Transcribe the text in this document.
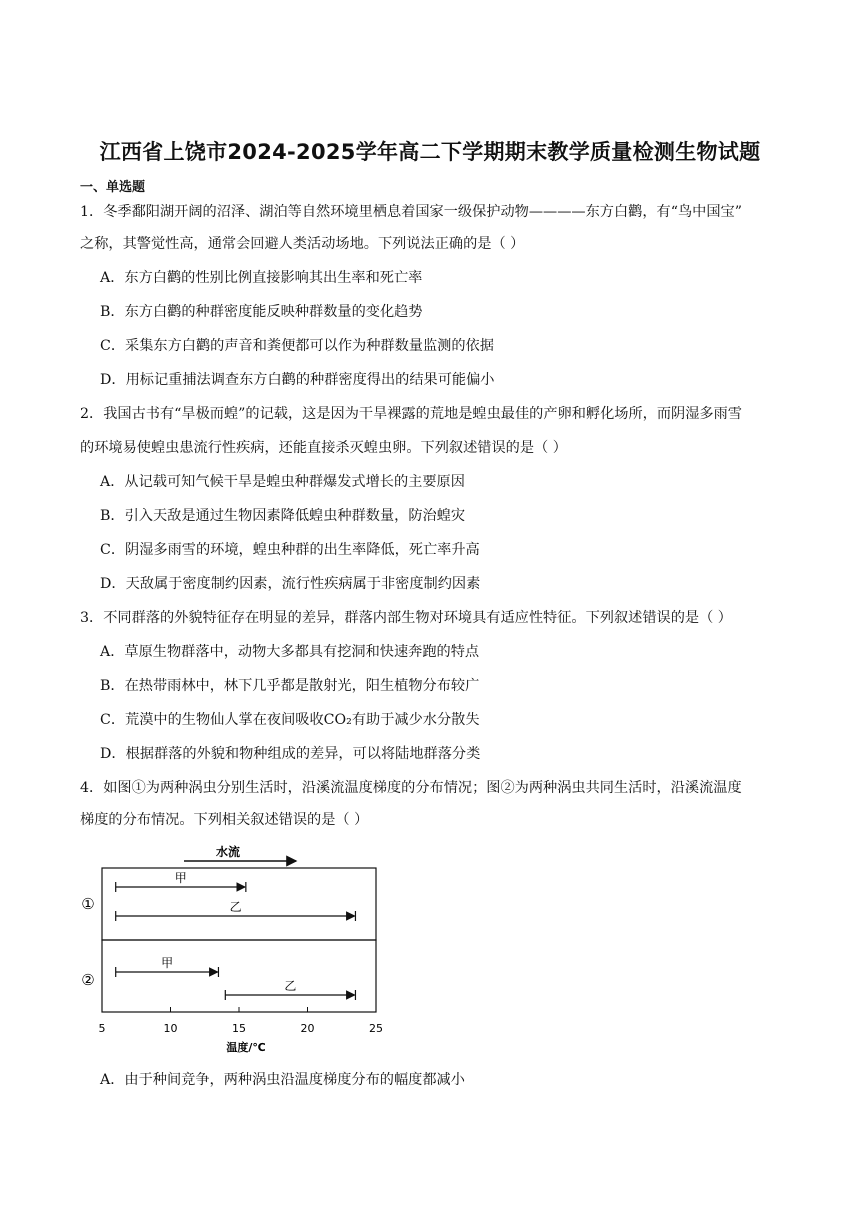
江西省上饶市2024-2025学年高二下学期期末教学质量检测生物试题
一、单选题
1．冬季鄱阳湖开阔的沼泽、湖泊等自然环境里栖息着国家一级保护动物————东方白鹳，有“鸟中国宝”
之称，其警觉性高，通常会回避人类活动场地。下列说法正确的是（ ）
A．东方白鹳的性别比例直接影响其出生率和死亡率
B．东方白鹳的种群密度能反映种群数量的变化趋势
C．采集东方白鹳的声音和粪便都可以作为种群数量监测的依据
D．用标记重捕法调查东方白鹳的种群密度得出的结果可能偏小
2．我国古书有“旱极而蝗”的记载，这是因为干旱裸露的荒地是蝗虫最佳的产卵和孵化场所，而阴湿多雨雪
的环境易使蝗虫患流行性疾病，还能直接杀灭蝗虫卵。下列叙述错误的是（ ）
A．从记载可知气候干旱是蝗虫种群爆发式增长的主要原因
B．引入天敌是通过生物因素降低蝗虫种群数量，防治蝗灾
C．阴湿多雨雪的环境，蝗虫种群的出生率降低，死亡率升高
D．天敌属于密度制约因素，流行性疾病属于非密度制约因素
3．不同群落的外貌特征存在明显的差异，群落内部生物对环境具有适应性特征。下列叙述错误的是（ ）
A．草原生物群落中，动物大多都具有挖洞和快速奔跑的特点
B．在热带雨林中，林下几乎都是散射光，阳生植物分布较广
C．荒漠中的生物仙人掌在夜间吸收CO₂有助于减少水分散失
D．根据群落的外貌和物种组成的差异，可以将陆地群落分类
4．如图①为两种涡虫分别生活时，沿溪流温度梯度的分布情况；图②为两种涡虫共同生活时，沿溪流温度
梯度的分布情况。下列相关叙述错误的是（ ）
水流
①
②
甲
乙
甲
乙
5	10	15	20	25
温度/℃
A．由于种间竞争，两种涡虫沿温度梯度分布的幅度都减小
